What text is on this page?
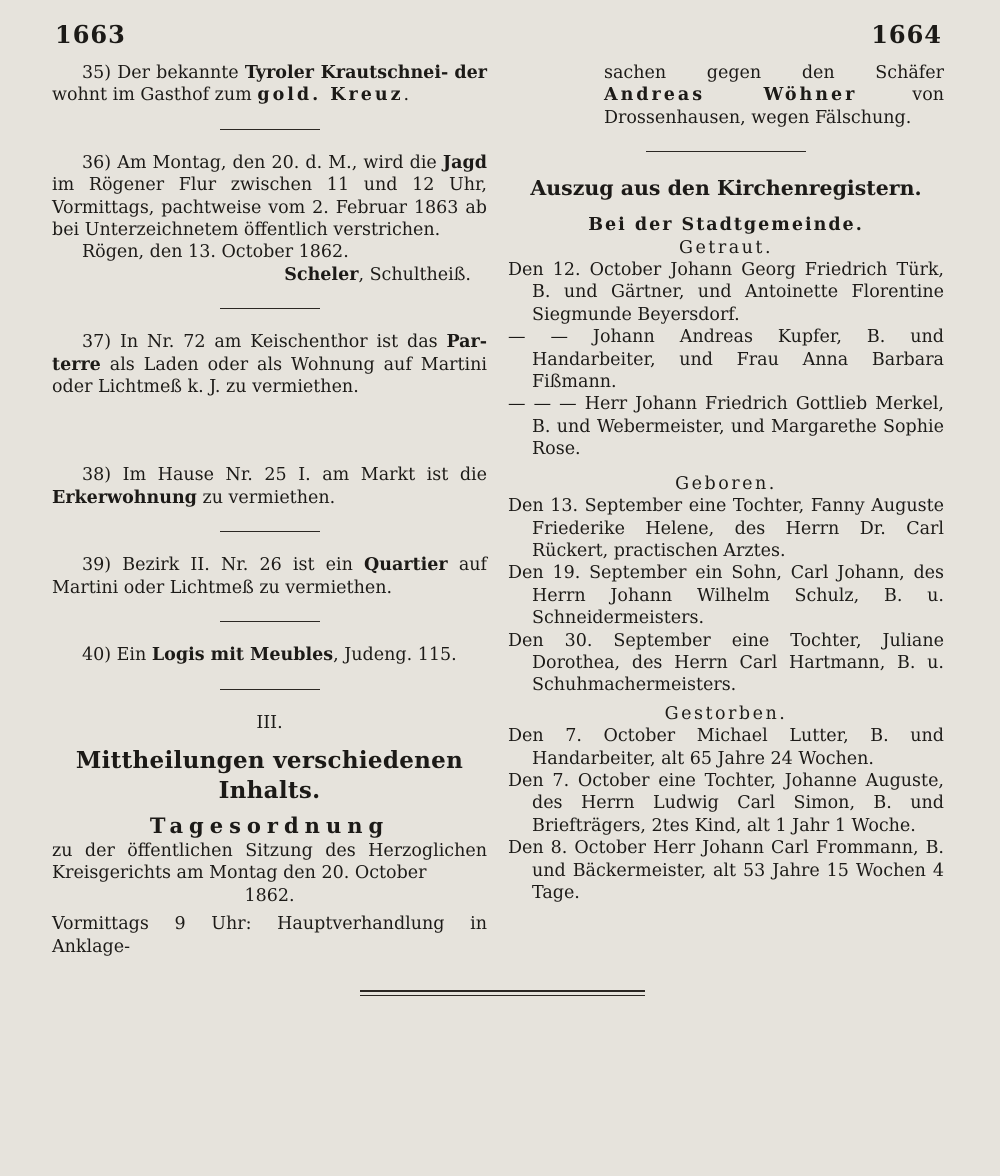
1663	1664

35) Der bekannte Tyroler Krautschnei- der wohnt im Gasthof zum gold. Kreuz.

36) Am Montag, den 20. d. M., wird die Jagd im Rögener Flur zwischen 11 und 12 Uhr, Vormittags, pachtweise vom 2. Februar 1863 ab bei Unterzeichnetem öffentlich verstrichen.

Rögen, den 13. October 1862.

Scheler, Schultheiß.

37) In Nr. 72 am Keischenthor ist das Par- terre als Laden oder als Wohnung auf Martini oder Lichtmeß k. J. zu vermiethen.

38) Im Hause Nr. 25 I. am Markt ist die Erkerwohnung zu vermiethen.

39) Bezirk II. Nr. 26 ist ein Quartier auf Martini oder Lichtmeß zu vermiethen.

40) Ein Logis mit Meubles, Judeng. 115.

III.

Mittheilungen verschiedenen Inhalts.
Tagesordnung

zu der öffentlichen Sitzung des Herzoglichen Kreisgerichts am Montag den 20. October

1862.

Vormittags 9 Uhr: Hauptverhandlung in Anklage-

sachen gegen den Schäfer Andreas Wöhner von Drossenhausen, wegen Fälschung.

Auszug aus den Kirchenregistern.

Bei der Stadtgemeinde.

Getraut.

Den 12. October Johann Georg Friedrich Türk, B. und Gärtner, und Antoinette Florentine Siegmunde Beyersdorf.

— — Johann Andreas Kupfer, B. und Handarbeiter, und Frau Anna Barbara Fißmann.

— — — Herr Johann Friedrich Gottlieb Merkel, B. und Webermeister, und Margarethe Sophie Rose.

Geboren.

Den 13. September eine Tochter, Fanny Auguste Friederike Helene, des Herrn Dr. Carl Rückert, practischen Arztes.

Den 19. September ein Sohn, Carl Johann, des Herrn Johann Wilhelm Schulz, B. u. Schneidermeisters.

Den 30. September eine Tochter, Juliane Dorothea, des Herrn Carl Hartmann, B. u. Schuhmachermeisters.

Gestorben.

Den 7. October Michael Lutter, B. und Handarbeiter, alt 65 Jahre 24 Wochen.

Den 7. October eine Tochter, Johanne Auguste, des Herrn Ludwig Carl Simon, B. und Briefträgers, 2tes Kind, alt 1 Jahr 1 Woche.

Den 8. October Herr Johann Carl Frommann, B. und Bäckermeister, alt 53 Jahre 15 Wochen 4 Tage.
